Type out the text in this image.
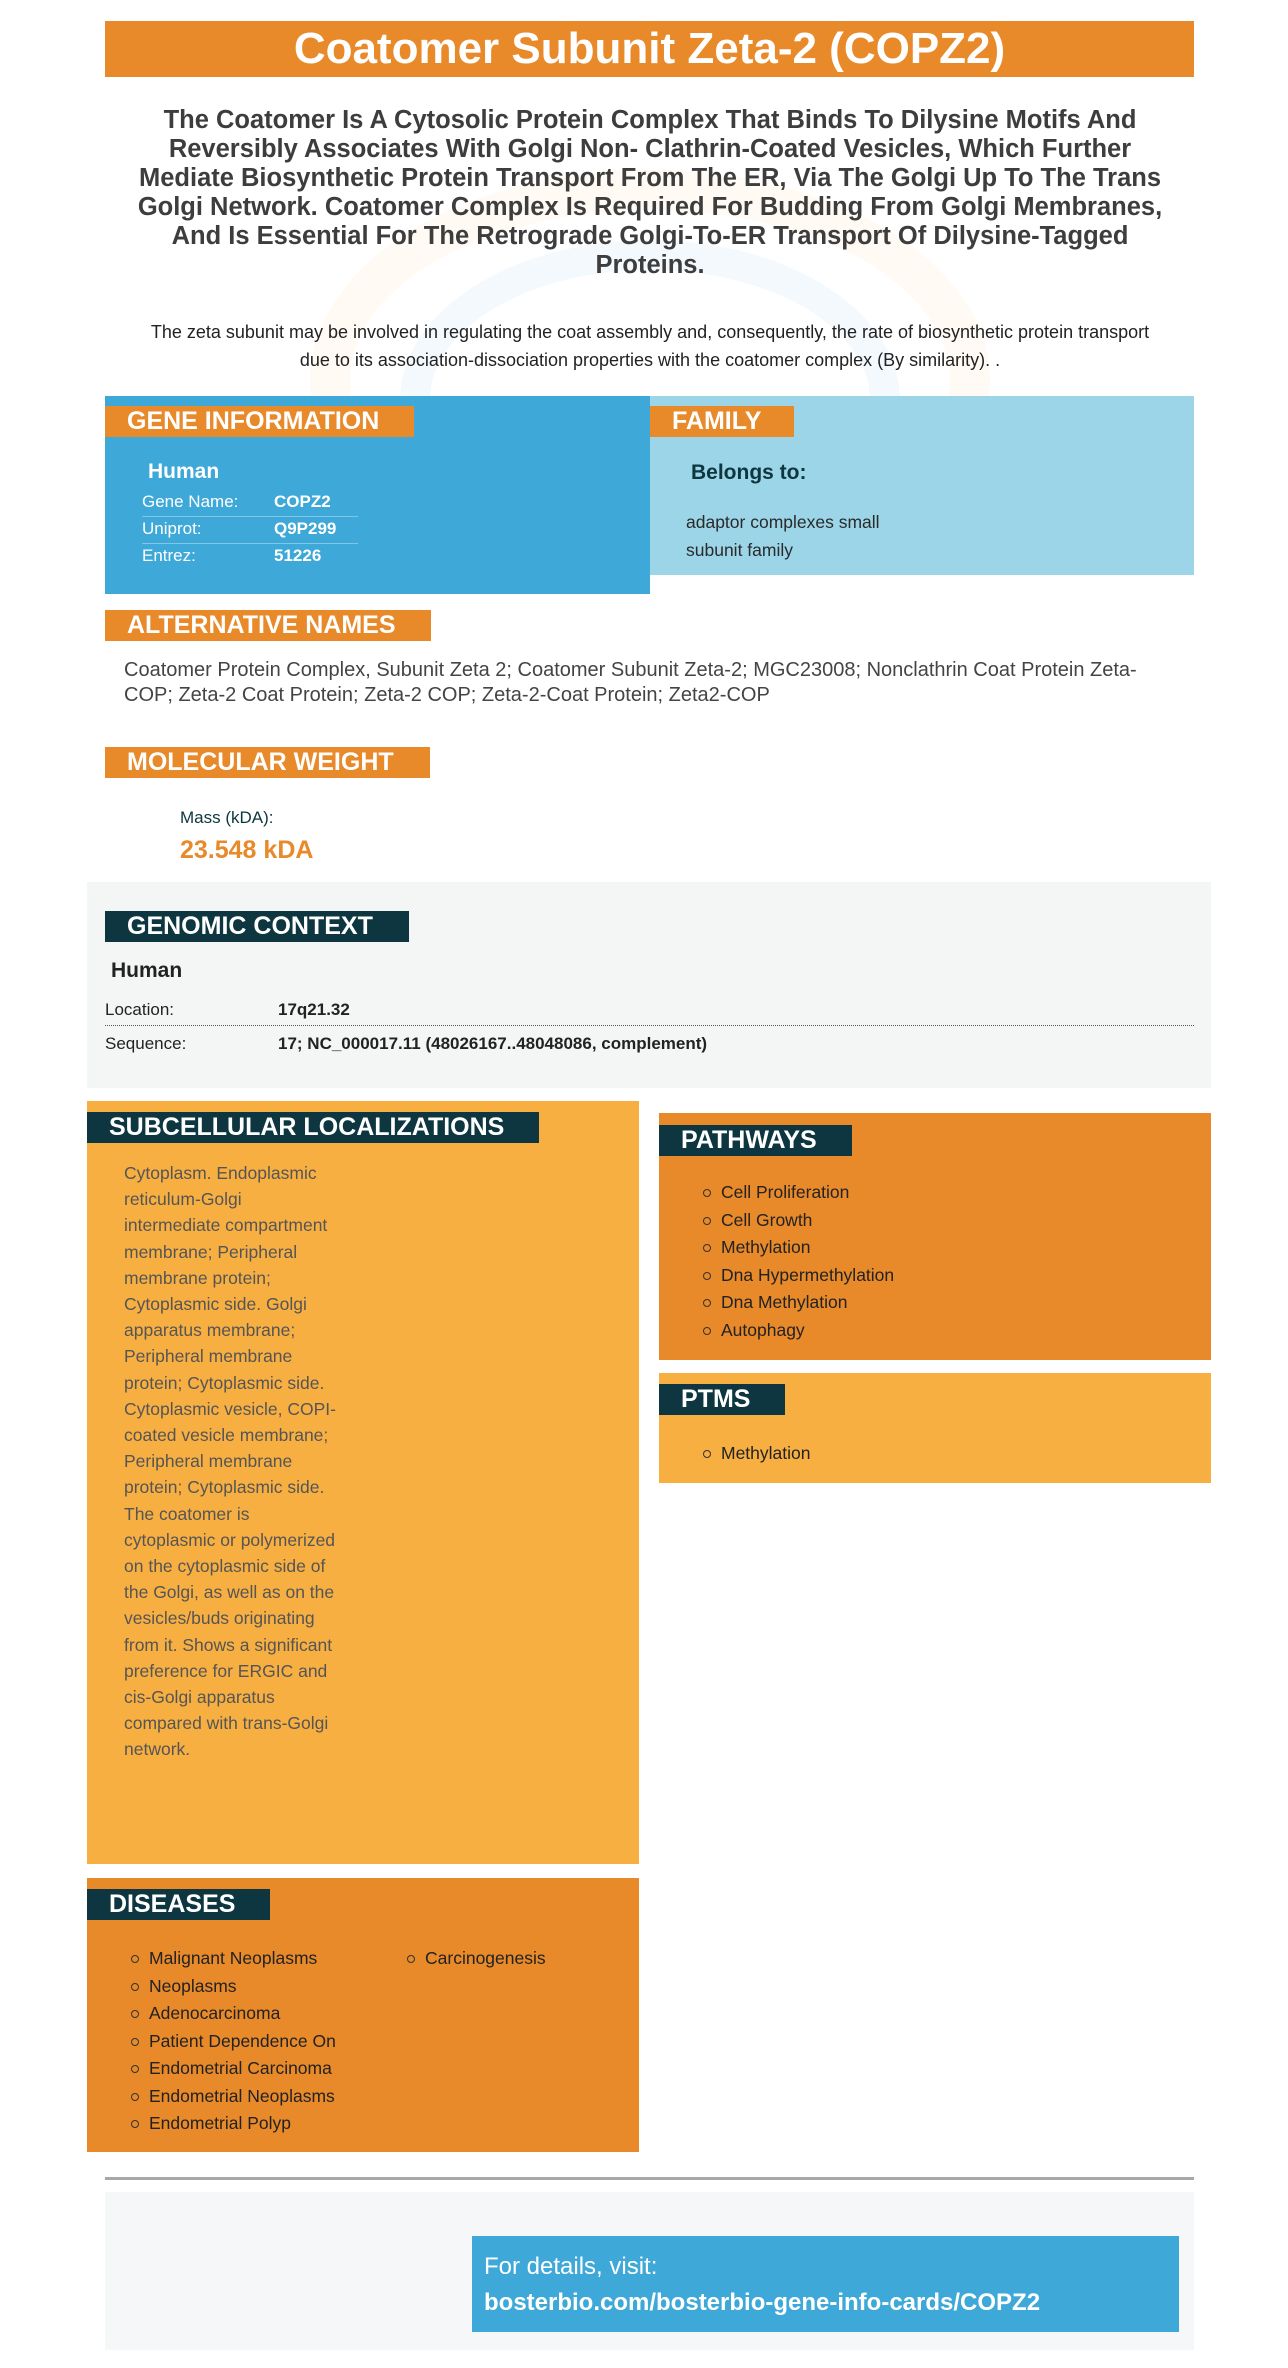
Coatomer Subunit Zeta-2 (COPZ2)
The Coatomer Is A Cytosolic Protein Complex That Binds To Dilysine Motifs And Reversibly Associates With Golgi Non- Clathrin-Coated Vesicles, Which Further Mediate Biosynthetic Protein Transport From The ER, Via The Golgi Up To The Trans Golgi Network. Coatomer Complex Is Required For Budding From Golgi Membranes, And Is Essential For The Retrograde Golgi-To-ER Transport Of Dilysine-Tagged Proteins.
The zeta subunit may be involved in regulating the coat assembly and, consequently, the rate of biosynthetic protein transport due to its association-dissociation properties with the coatomer complex (By similarity). .
GENE INFORMATION
Human
Gene Name: COPZ2
Uniprot:	Q9P299
Entrez:	51226
FAMILY
Belongs to:
adaptor complexes small
subunit family
ALTERNATIVE NAMES
Coatomer Protein Complex, Subunit Zeta 2; Coatomer Subunit Zeta-2; MGC23008; Nonclathrin Coat Protein Zeta-COP; Zeta-2 Coat Protein; Zeta-2 COP; Zeta-2-Coat Protein; Zeta2-COP
MOLECULAR WEIGHT
Mass (kDA):
23.548 kDA
GENOMIC CONTEXT
Human
Location:	17q21.32
Sequence:	17; NC_000017.11 (48026167..48048086, complement)
SUBCELLULAR LOCALIZATIONS
Cytoplasm. Endoplasmic reticulum-Golgi intermediate compartment membrane; Peripheral membrane protein; Cytoplasmic side. Golgi apparatus membrane; Peripheral membrane protein; Cytoplasmic side. Cytoplasmic vesicle, COPI-coated vesicle membrane; Peripheral membrane protein; Cytoplasmic side. The coatomer is cytoplasmic or polymerized on the cytoplasmic side of the Golgi, as well as on the vesicles/buds originating from it. Shows a significant preference for ERGIC and cis-Golgi apparatus compared with trans-Golgi network.
PATHWAYS
Cell Proliferation
Cell Growth
Methylation
Dna Hypermethylation
Dna Methylation
Autophagy
PTMS
Methylation
DISEASES
Malignant Neoplasms
Neoplasms
Adenocarcinoma
Patient Dependence On
Endometrial Carcinoma
Endometrial Neoplasms
Endometrial Polyp
Carcinogenesis
For details, visit:
bosterbio.com/bosterbio-gene-info-cards/COPZ2
